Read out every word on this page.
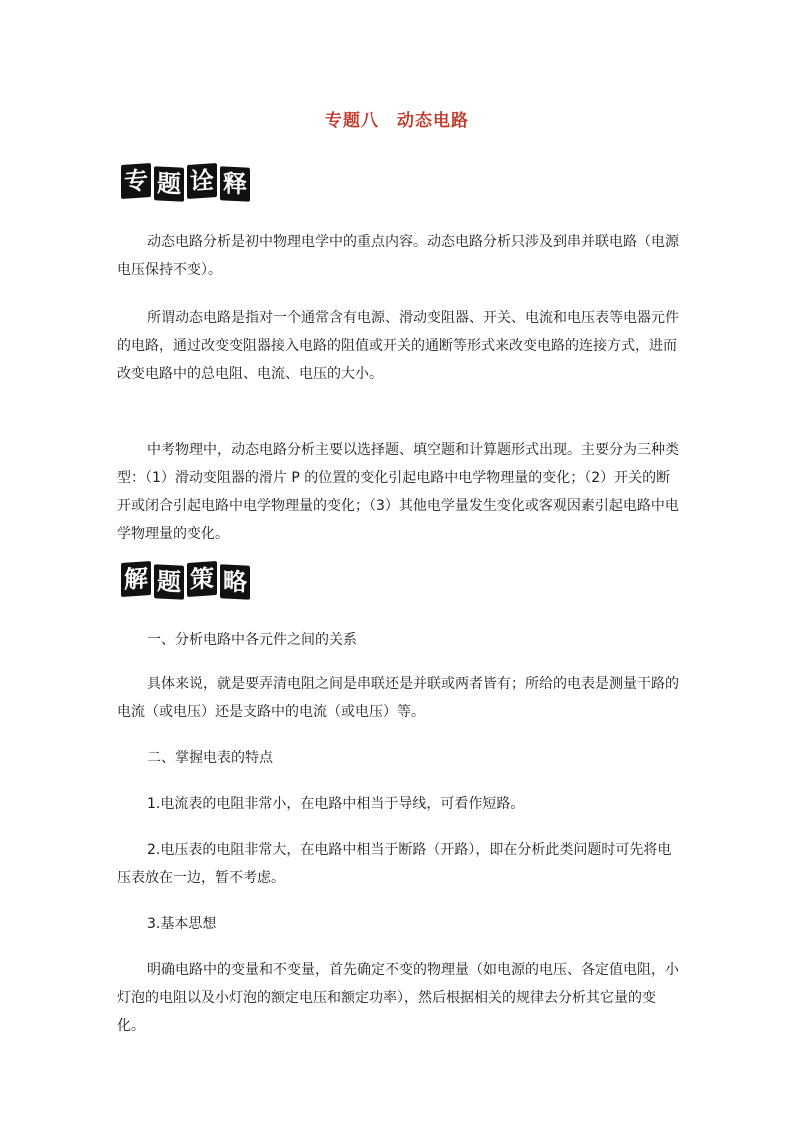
专题八 动态电路
专 题 诠 释
动态电路分析是初中物理电学中的重点内容。动态电路分析只涉及到串并联电路（电源电压保持不变）。
所谓动态电路是指对一个通常含有电源、滑动变阻器、开关、电流和电压表等电器元件的电路，通过改变变阻器接入电路的阻值或开关的通断等形式来改变电路的连接方式，进而改变电路中的总电阻、电流、电压的大小。
中考物理中，动态电路分析主要以选择题、填空题和计算题形式出现。主要分为三种类型：（1）滑动变阻器的滑片 P 的位置的变化引起电路中电学物理量的变化；（2）开关的断开或闭合引起电路中电学物理量的变化；（3）其他电学量发生变化或客观因素引起电路中电学物理量的变化。
解 题 策 略
一、分析电路中各元件之间的关系
具体来说，就是要弄清电阻之间是串联还是并联或两者皆有；所给的电表是测量干路的电流（或电压）还是支路中的电流（或电压）等。
二、掌握电表的特点
1.电流表的电阻非常小，在电路中相当于导线，可看作短路。
2.电压表的电阻非常大，在电路中相当于断路（开路），即在分析此类问题时可先将电压表放在一边，暂不考虑。
3.基本思想
明确电路中的变量和不变量，首先确定不变的物理量（如电源的电压、各定值电阻，小灯泡的电阻以及小灯泡的额定电压和额定功率），然后根据相关的规律去分析其它量的变化。
